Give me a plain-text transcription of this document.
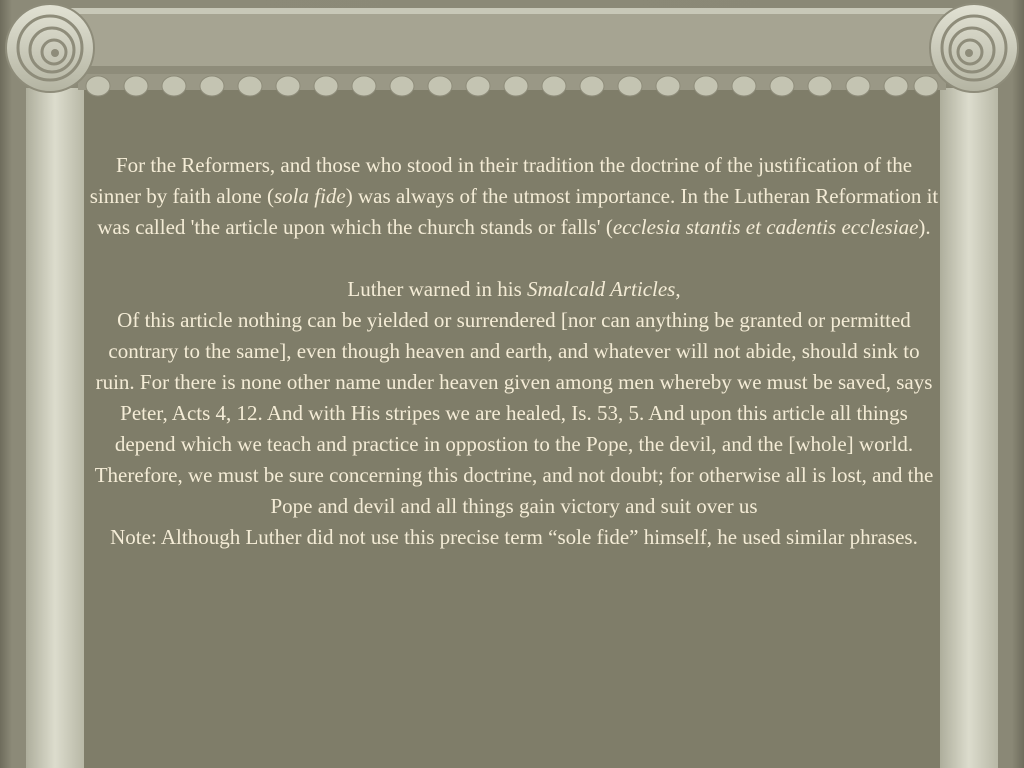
For the Reformers, and those who stood in their tradition the doctrine of the justification of the sinner by faith alone (sola fide) was always of the utmost importance. In the Lutheran Reformation it was called 'the article upon which the church stands or falls' (ecclesia stantis et cadentis ecclesiae).

Luther warned in his Smalcald Articles,

Of this article nothing can be yielded or surrendered [nor can anything be granted or permitted contrary to the same], even though heaven and earth, and whatever will not abide, should sink to ruin. For there is none other name under heaven given among men whereby we must be saved, says Peter, Acts 4, 12. And with His stripes we are healed, Is. 53, 5. And upon this article all things depend which we teach and practice in oppostion to the Pope, the devil, and the [whole] world. Therefore, we must be sure concerning this doctrine, and not doubt; for otherwise all is lost, and the Pope and devil and all things gain victory and suit over us

Note: Although Luther did not use this precise term “sole fide” himself, he used similar phrases.
